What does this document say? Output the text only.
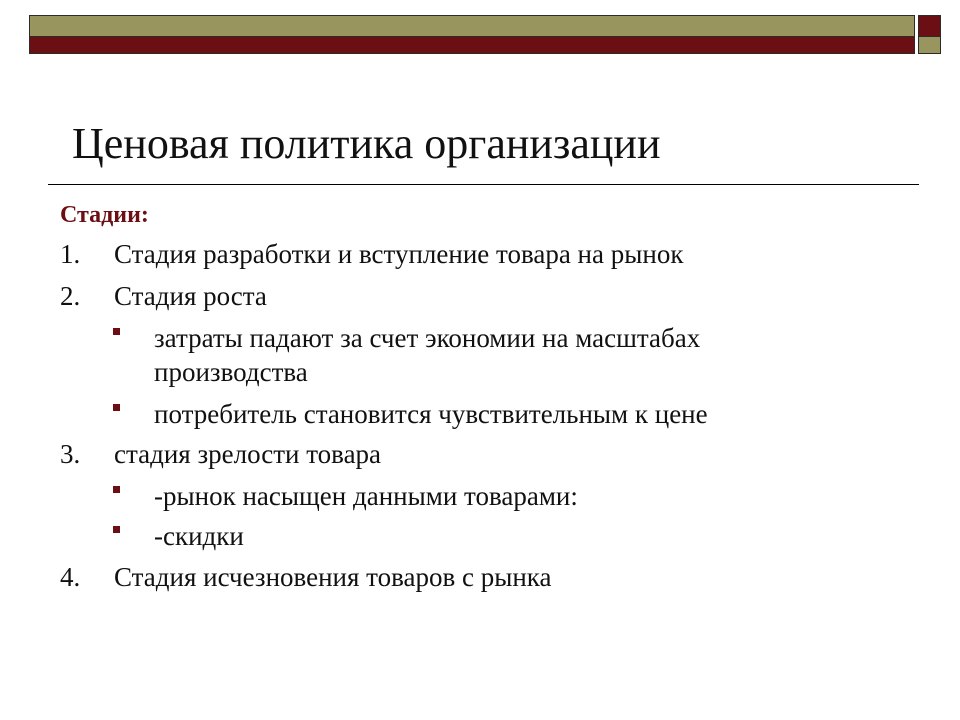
Ценовая политика организации
Стадии:
1. Стадия разработки и вступление товара на рынок
2. Стадия роста
затраты падают за счет экономии на масштабах
производства
потребитель становится чувствительным к цене
3. стадия зрелости товара
-рынок насыщен данными товарами:
-скидки
4. Стадия исчезновения товаров с рынка
